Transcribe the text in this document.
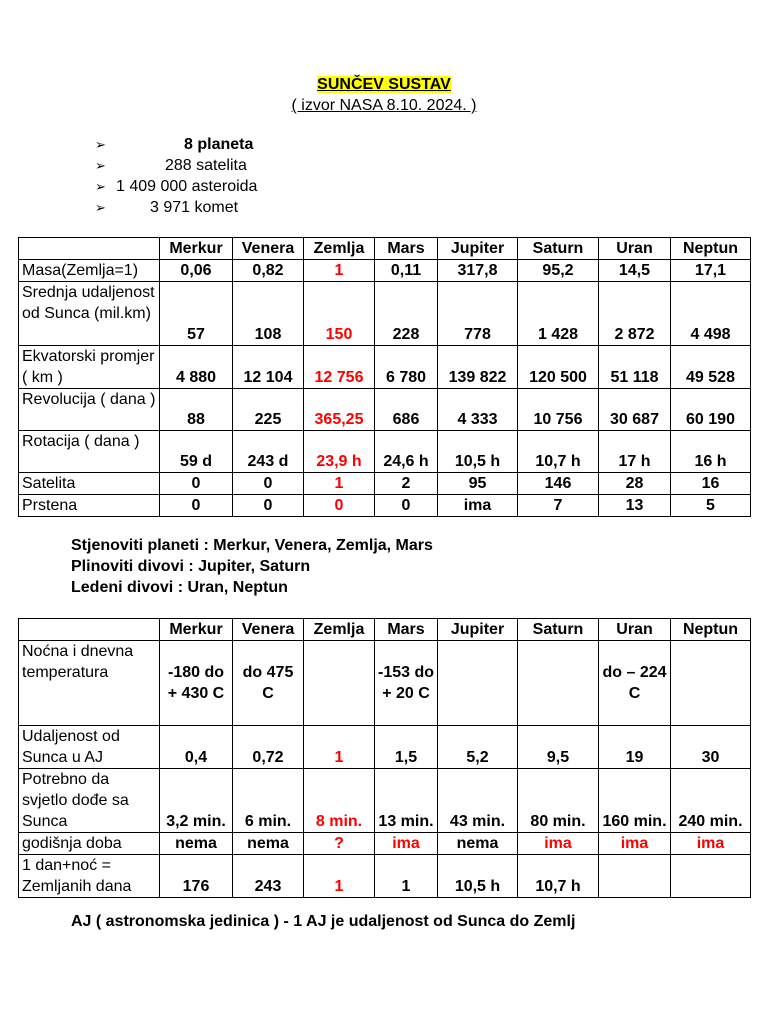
SUNČEV SUSTAV
( izvor NASA 8.10. 2024. )
➢	8 planeta
➢	288 satelita
➢ 1 409 000 asteroida
➢	3 971 komet
	Merkur	Venera	Zemlja	Mars	Jupiter	Saturn	Uran	Neptun
Masa(Zemlja=1)	0,06	0,82	1	0,11	317,8	95,2	14,5	17,1
Srednja udaljenost od Sunca (mil.km)	57	108	150	228	778	1 428	2 872	4 498
Ekvatorski promjer ( km )	4 880	12 104	12 756	6 780	139 822	120 500	51 118	49 528
Revolucija ( dana )	88	225	365,25	686	4 333	10 756	30 687	60 190
Rotacija ( dana )	59 d	243 d	23,9 h	24,6 h	10,5 h	10,7 h	17 h	16 h
Satelita	0	0	1	2	95	146	28	16
Prstena	0	0	0	0	ima	7	13	5
Stjenoviti planeti : Merkur, Venera, Zemlja, Mars
Plinoviti divovi : Jupiter, Saturn
Ledeni divovi : Uran, Neptun
	Merkur	Venera	Zemlja	Mars	Jupiter	Saturn	Uran	Neptun
Noćna i dnevna temperatura	-180 do + 430 C	do 475 C		-153 do + 20 C			do – 224 C	
Udaljenost od Sunca u AJ	0,4	0,72	1	1,5	5,2	9,5	19	30
Potrebno da svjetlo dođe sa Sunca	3,2 min.	6 min.	8 min.	13 min.	43 min.	80 min.	160 min.	240 min.
godišnja doba	nema	nema	?	ima	nema	ima	ima	ima
1 dan+noć = Zemljanih dana	176	243	1	1	10,5 h	10,7 h		
AJ ( astronomska jedinica ) - 1 AJ je udaljenost od Sunca do Zemlj
